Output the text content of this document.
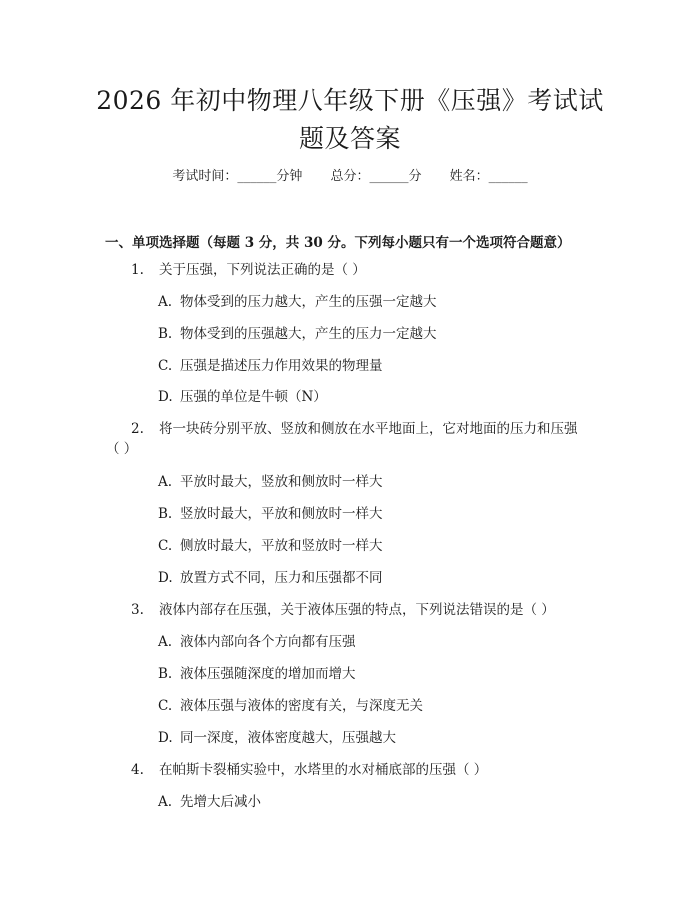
2026 年初中物理八年级下册《压强》考试试
题及答案
考试时间：______分钟 总分：______分 姓名：______
一、单项选择题（每题 3 分，共 30 分。下列每小题只有一个选项符合题意）
1. 关于压强，下列说法正确的是（ ）
A. 物体受到的压力越大，产生的压强一定越大
B. 物体受到的压强越大，产生的压力一定越大
C. 压强是描述压力作用效果的物理量
D. 压强的单位是牛顿（N）
2. 将一块砖分别平放、竖放和侧放在水平地面上，它对地面的压力和压强
（ ）
A. 平放时最大，竖放和侧放时一样大
B. 竖放时最大，平放和侧放时一样大
C. 侧放时最大，平放和竖放时一样大
D. 放置方式不同，压力和压强都不同
3. 液体内部存在压强，关于液体压强的特点，下列说法错误的是（ ）
A. 液体内部向各个方向都有压强
B. 液体压强随深度的增加而增大
C. 液体压强与液体的密度有关，与深度无关
D. 同一深度，液体密度越大，压强越大
4. 在帕斯卡裂桶实验中，水塔里的水对桶底部的压强（ ）
A. 先增大后减小
